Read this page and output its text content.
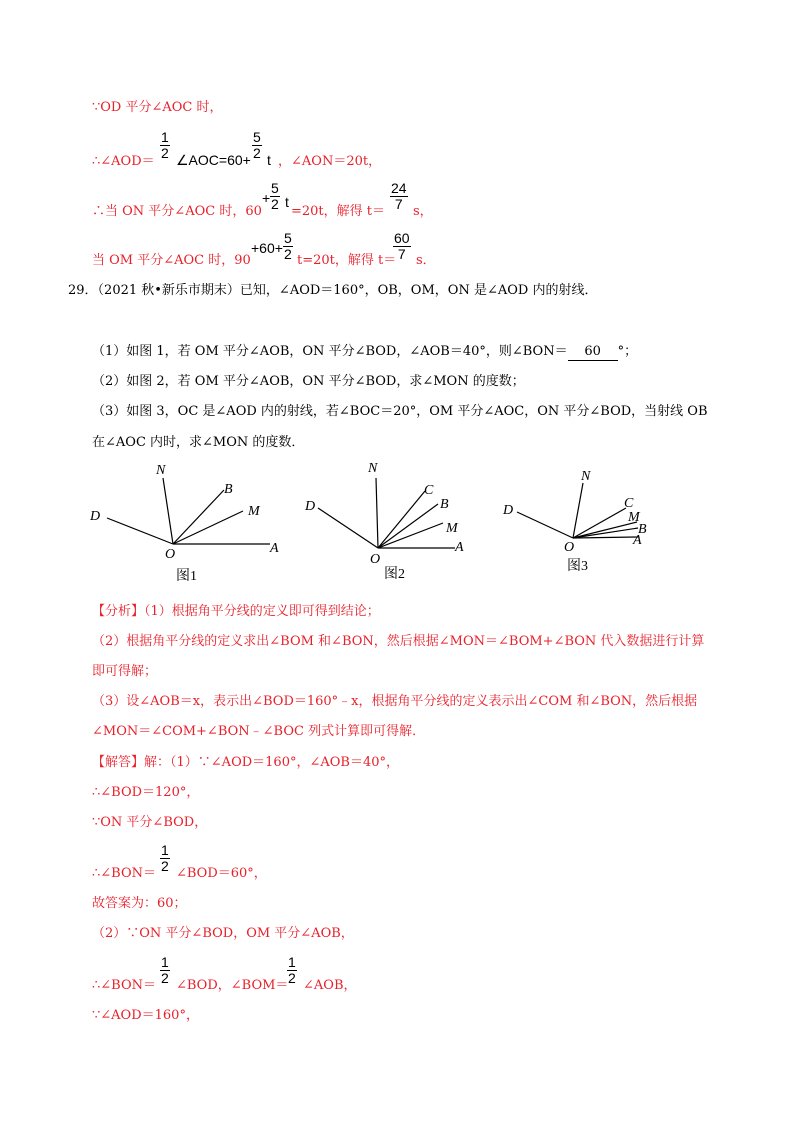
∵OD 平分∠AOC 时，
∴∠AOD＝
1
2 ∠AOC=60+
5
2 t ，∠AON＝20t，
∴当 ON 平分∠AOC 时，60
+
5
2 t
=20t，解得 t＝
24
7 s，
当 OM 平分∠AOC 时，90
+60+
5
2 t=20t，解得 t＝
60
7 s．
29．（2021 秋•新乐市期末）已知，∠AOD＝160°，OB，OM，ON 是∠AOD 内的射线．
（1）如图 1，若 OM 平分∠AOB，ON 平分∠BOD，∠AOB＝40°，则∠BON＝ 60 °；
（2）如图 2，若 OM 平分∠AOB，ON 平分∠BOD，求∠MON 的度数；
（3）如图 3，OC 是∠AOD 内的射线，若∠BOC＝20°，OM 平分∠AOC，ON 平分∠BOD，当射线 OB
在∠AOC 内时，求∠MON 的度数．
N
B
M
D
O	A
图1
N
C
B
M
D
O
A
图2
N
C
M
B
A
D
O
图3
【分析】（1）根据角平分线的定义即可得到结论；
（2）根据角平分线的定义求出∠BOM 和∠BON，然后根据∠MON＝∠BOM+∠BON 代入数据进行计算
即可得解；
（3）设∠AOB＝x，表示出∠BOD＝160°﹣x，根据角平分线的定义表示出∠COM 和∠BON，然后根据
∠MON＝∠COM+∠BON﹣∠BOC 列式计算即可得解．
【解答】解：（1）∵∠AOD＝160°，∠AOB＝40°，
∴∠BOD＝120°，
∵ON 平分∠BOD，
∴∠BON＝
1
2 ∠BOD＝60°，
故答案为：60；
（2）∵ON 平分∠BOD，OM 平分∠AOB，
∴∠BON＝
1
2 ∠BOD，∠BOM＝
1
2 ∠AOB，
∵∠AOD＝160°，
